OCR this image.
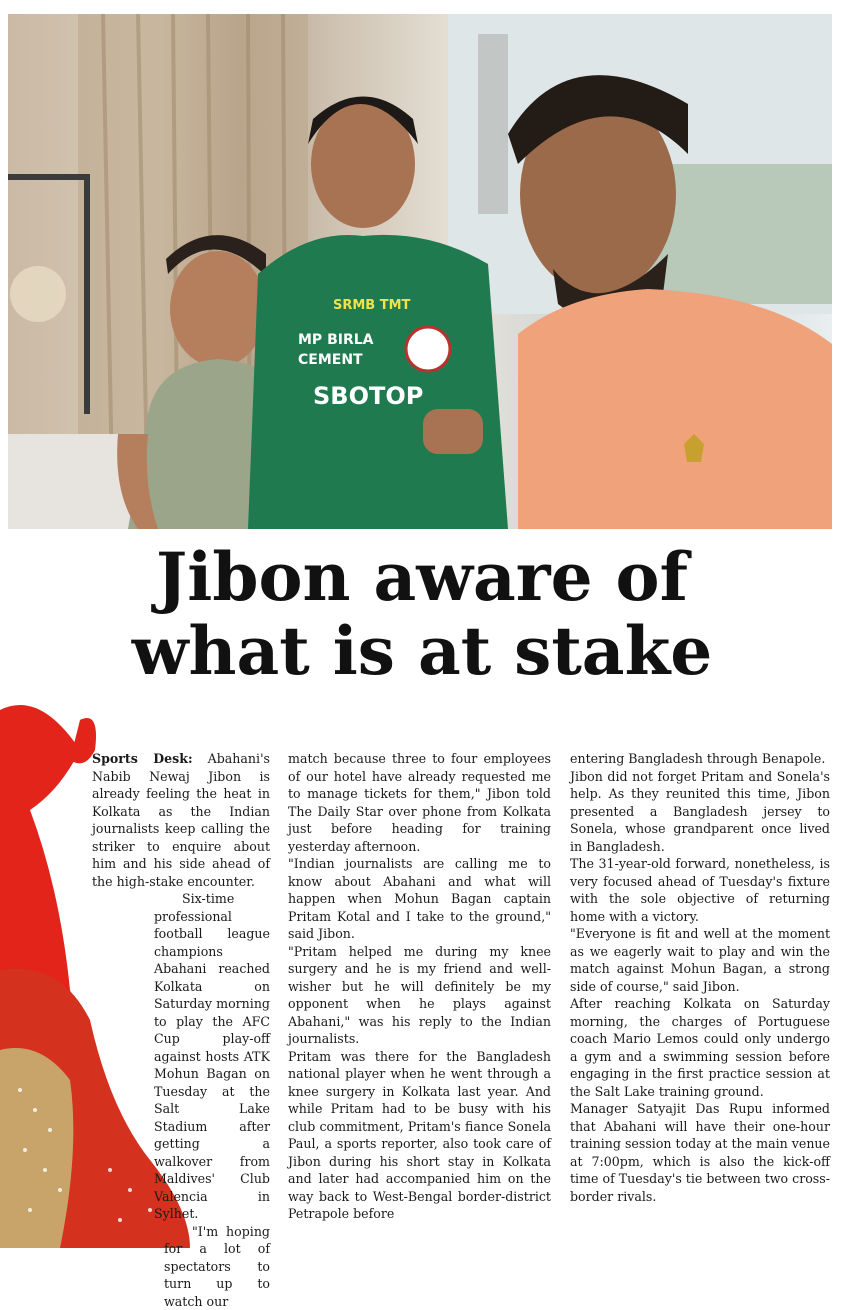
SRMB TMT
MP BIRLA
CEMENT
SBOTOP
Jibon aware of
what is at stake

Sports Desk: Abahani's Nabib Newaj Jibon is already feeling the heat in Kolkata as the Indian journalists keep calling the striker to enquire about him and his side ahead of the high-stake encounter.

Six-time professional football league champions Abahani reached Kolkata on Saturday morning to play the AFC Cup play-off against hosts ATK Mohun Bagan on Tuesday at the Salt Lake Stadium after getting a walkover from Maldives' Club Valencia in Sylhet.

"I'm hoping for a lot of spectators to turn up to watch our

match because three to four employees of our hotel have already requested me to manage tickets for them," Jibon told The Daily Star over phone from Kolkata just before heading for training yesterday afternoon.

"Indian journalists are calling me to know about Abahani and what will happen when Mohun Bagan captain Pritam Kotal and I take to the ground," said Jibon.

"Pritam helped me during my knee surgery and he is my friend and well-wisher but he will definitely be my opponent when he plays against Abahani," was his reply to the Indian journalists.

Pritam was there for the Bangladesh national player when he went through a knee surgery in Kolkata last year. And while Pritam had to be busy with his club commitment, Pritam's fiance Sonela Paul, a sports reporter, also took care of Jibon during his short stay in Kolkata and later had accompanied him on the way back to West-Bengal border-district Petrapole before

entering Bangladesh through Benapole.

Jibon did not forget Pritam and Sonela's help. As they reunited this time, Jibon presented a Bangladesh jersey to Sonela, whose grandparent once lived in Bangladesh.

The 31-year-old forward, nonetheless, is very focused ahead of Tuesday's fixture with the sole objective of returning home with a victory.

"Everyone is fit and well at the moment as we eagerly wait to play and win the match against Mohun Bagan, a strong side of course," said Jibon.

After reaching Kolkata on Saturday morning, the charges of Portuguese coach Mario Lemos could only undergo a gym and a swimming session before engaging in the first practice session at the Salt Lake training ground.

Manager Satyajit Das Rupu informed that Abahani will have their one-hour training session today at the main venue at 7:00pm, which is also the kick-off time of Tuesday's tie between two cross-border rivals.
